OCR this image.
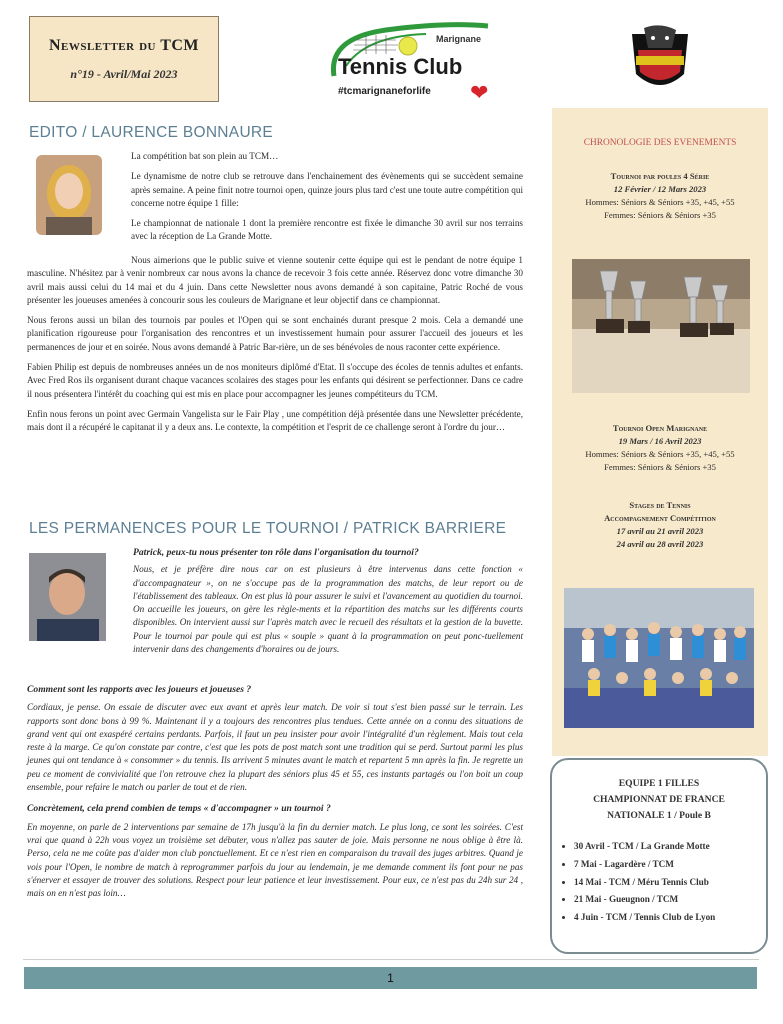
Newsletter du TCM
n°19 - Avril/Mai 2023
Marignane
Tennis Club
#tcmarignaneforlife ❤
EDITO / LAURENCE BONNAURE

La compétition bat son plein au TCM…

Le dynamisme de notre club se retrouve dans l'enchainement des évènements qui se succèdent semaine après semaine. A peine finit notre tournoi open, quinze jours plus tard c'est une toute autre compétition qui concerne notre équipe 1 fille:

Le championnat de nationale 1 dont la première rencontre est fixée le dimanche 30 avril sur nos terrains avec la réception de La Grande Motte.

Nous aimerions que le public suive et vienne soutenir cette équipe qui est le pendant de notre équipe 1 masculine. N'hésitez par à venir nombreux car nous avons la chance de recevoir 3 fois cette année. Réservez donc votre dimanche 30 avril mais aussi celui du 14 mai et du 4 juin. Dans cette Newsletter nous avons demandé à son capitaine, Patric Roché de vous présenter les joueuses amenées à concourir sous les couleurs de Marignane et leur objectif dans ce championnat.

Nous ferons aussi un bilan des tournois par poules et l'Open qui se sont enchainés durant presque 2 mois. Cela a demandé une planification rigoureuse pour l'organisation des rencontres et un investissement humain pour assurer l'accueil des joueurs et les permanences de jour et en soirée. Nous avons demandé à Patric Bar-rière, un de ses bénévoles de nous raconter cette expérience.

Fabien Philip est depuis de nombreuses années un de nos moniteurs diplômé d'Etat. Il s'occupe des écoles de tennis adultes et enfants. Avec Fred Ros ils organisent durant chaque vacances scolaires des stages pour les enfants qui désirent se perfectionner. Dans ce cadre il nous présentera l'intérêt du coaching qui est mis en place pour accompagner les jeunes compétiteurs du TCM.

Enfin nous ferons un point avec Germain Vangelista sur le Fair Play , une compétition déjà présentée dans une Newsletter précédente, mais dont il a récupéré le capitanat il y a deux ans. Le contexte, la compétition et l'esprit de ce challenge seront à l'ordre du jour…

LES PERMANENCES POUR LE TOURNOI / PATRICK BARRIERE

Patrick, peux-tu nous présenter ton rôle dans l'organisation du tournoi?

Nous, et je préfère dire nous car on est plusieurs à être intervenus dans cette fonction « d'accompagnateur », on ne s'occupe pas de la programmation des matchs, de leur report ou de l'établissement des tableaux. On est plus là pour assurer le suivi et l'avancement au quotidien du tournoi. On accueille les joueurs, on gère les règle-ments et la répartition des matchs sur les différents courts disponibles. On intervient aussi sur l'après match avec le recueil des résultats et la gestion de la buvette. Pour le tournoi par poule qui est plus « souple » quant à la programmation on peut ponc-tuellement intervenir dans des changements d'horaires ou de jours.

Comment sont les rapports avec les joueurs et joueuses ?

Cordiaux, je pense. On essaie de discuter avec eux avant et après leur match. De voir si tout s'est bien passé sur le terrain. Les rapports sont donc bons à 99 %. Maintenant il y a toujours des rencontres plus tendues. Cette année on a connu des situations de grand vent qui ont exaspéré certains perdants. Parfois, il faut un peu insister pour avoir l'intégralité d'un règlement. Mais tout cela reste à la marge. Ce qu'on constate par contre, c'est que les pots de post match sont une tradition qui se perd. Surtout parmi les plus jeunes qui ont tendance à « consommer » du tennis. Ils arrivent 5 minutes avant le match et repartent 5 mn après la fin. Je regrette un peu ce moment de convivialité que l'on retrouve chez la plupart des séniors plus 45 et 55, ces instants partagés ou l'on boit un coup ensemble, pour refaire le match ou parler de tout et de rien.

Concrètement, cela prend combien de temps « d'accompagner » un tournoi ?

En moyenne, on parle de 2 interventions par semaine de 17h jusqu'à la fin du dernier match. Le plus long, ce sont les soirées. C'est vrai que quand à 22h vous voyez un troisième set débuter, vous n'allez pas sauter de joie. Mais personne ne nous oblige à être là. Perso, cela ne me coûte pas d'aider mon club ponctuellement. Et ce n'est rien en comparaison du travail des juges arbitres. Quand je vois pour l'Open, le nombre de match à reprogrammer parfois du jour au lendemain, je me demande comment ils font pour ne pas s'énerver et essayer de trouver des solutions. Respect pour leur patience et leur investissement. Pour eux, ce n'est pas du 24h sur 24 , mais on en n'est pas loin…

CHRONOLOGIE DES EVENEMENTS
Tournoi par poules 4 Série
12 Février / 12 Mars 2023
Hommes: Séniors & Séniors +35, +45, +55
Femmes: Séniors & Séniors +35
Tournoi Open Marignane
19 Mars / 16 Avril 2023
Hommes: Séniors & Séniors +35, +45, +55
Femmes: Séniors & Séniors +35
Stages de Tennis
Accompagnement Compétition
17 avril au 21 avril 2023
24 avril au 28 avril 2023
EQUIPE 1 FILLES
CHAMPIONNAT DE FRANCE
NATIONALE 1 / Poule B
• 30 Avril - TCM / La Grande Motte
• 7 Mai - Lagardère / TCM
• 14 Mai - TCM / Méru Tennis Club
• 21 Mai - Gueugnon / TCM
• 4 Juin - TCM / Tennis Club de Lyon
1
